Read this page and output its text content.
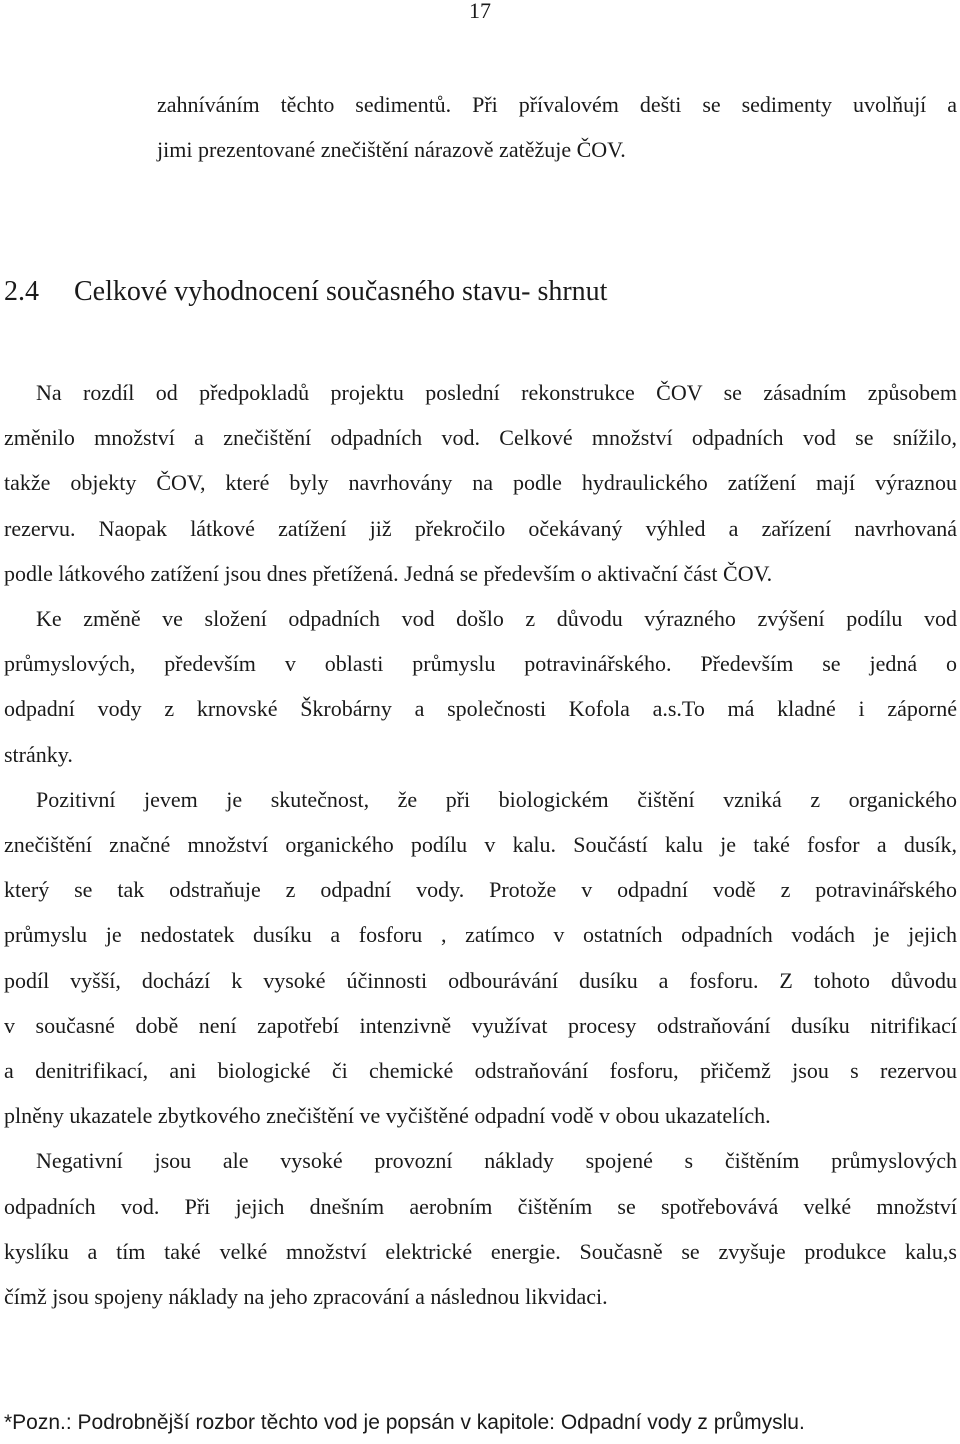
17
zahníváním těchto sedimentů. Při přívalovém dešti se sedimenty uvolňují a
jimi prezentované znečištění nárazově zatěžuje ČOV.
2.4 Celkové vyhodnocení současného stavu- shrnut

Na rozdíl od předpokladů projektu poslední rekonstrukce ČOV se zásadním způsobem
změnilo množství a znečištění odpadních vod. Celkové množství odpadních vod se snížilo,
takže objekty ČOV, které byly navrhovány na podle hydraulického zatížení mají výraznou
rezervu. Naopak látkové zatížení již překročilo očekávaný výhled a zařízení navrhovaná
podle látkového zatížení jsou dnes přetížená. Jedná se především o aktivační část ČOV.

Ke změně ve složení odpadních vod došlo z důvodu výrazného zvýšení podílu vod
průmyslových, především v oblasti průmyslu potravinářského. Především se jedná o
odpadní vody z krnovské Škrobárny a společnosti Kofola a.s.To má kladné i záporné
stránky.

Pozitivní jevem je skutečnost, že při biologickém čištění vzniká z organického
znečištění značné množství organického podílu v kalu. Součástí kalu je také fosfor a dusík,
který se tak odstraňuje z odpadní vody. Protože v odpadní vodě z potravinářského
průmyslu je nedostatek dusíku a fosforu , zatímco v ostatních odpadních vodách je jejich
podíl vyšší, dochází k vysoké účinnosti odbourávání dusíku a fosforu. Z tohoto důvodu
v současné době není zapotřebí intenzivně využívat procesy odstraňování dusíku nitrifikací
a denitrifikací, ani biologické či chemické odstraňování fosforu, přičemž jsou s rezervou
plněny ukazatele zbytkového znečištění ve vyčištěné odpadní vodě v obou ukazatelích.

Negativní jsou ale vysoké provozní náklady spojené s čištěním průmyslových
odpadních vod. Při jejich dnešním aerobním čištěním se spotřebovává velké množství
kyslíku a tím také velké množství elektrické energie. Současně se zvyšuje produkce kalu,s
čímž jsou spojeny náklady na jeho zpracování a následnou likvidaci.

*Pozn.: Podrobnější rozbor těchto vod je popsán v kapitole: Odpadní vody z průmyslu.
